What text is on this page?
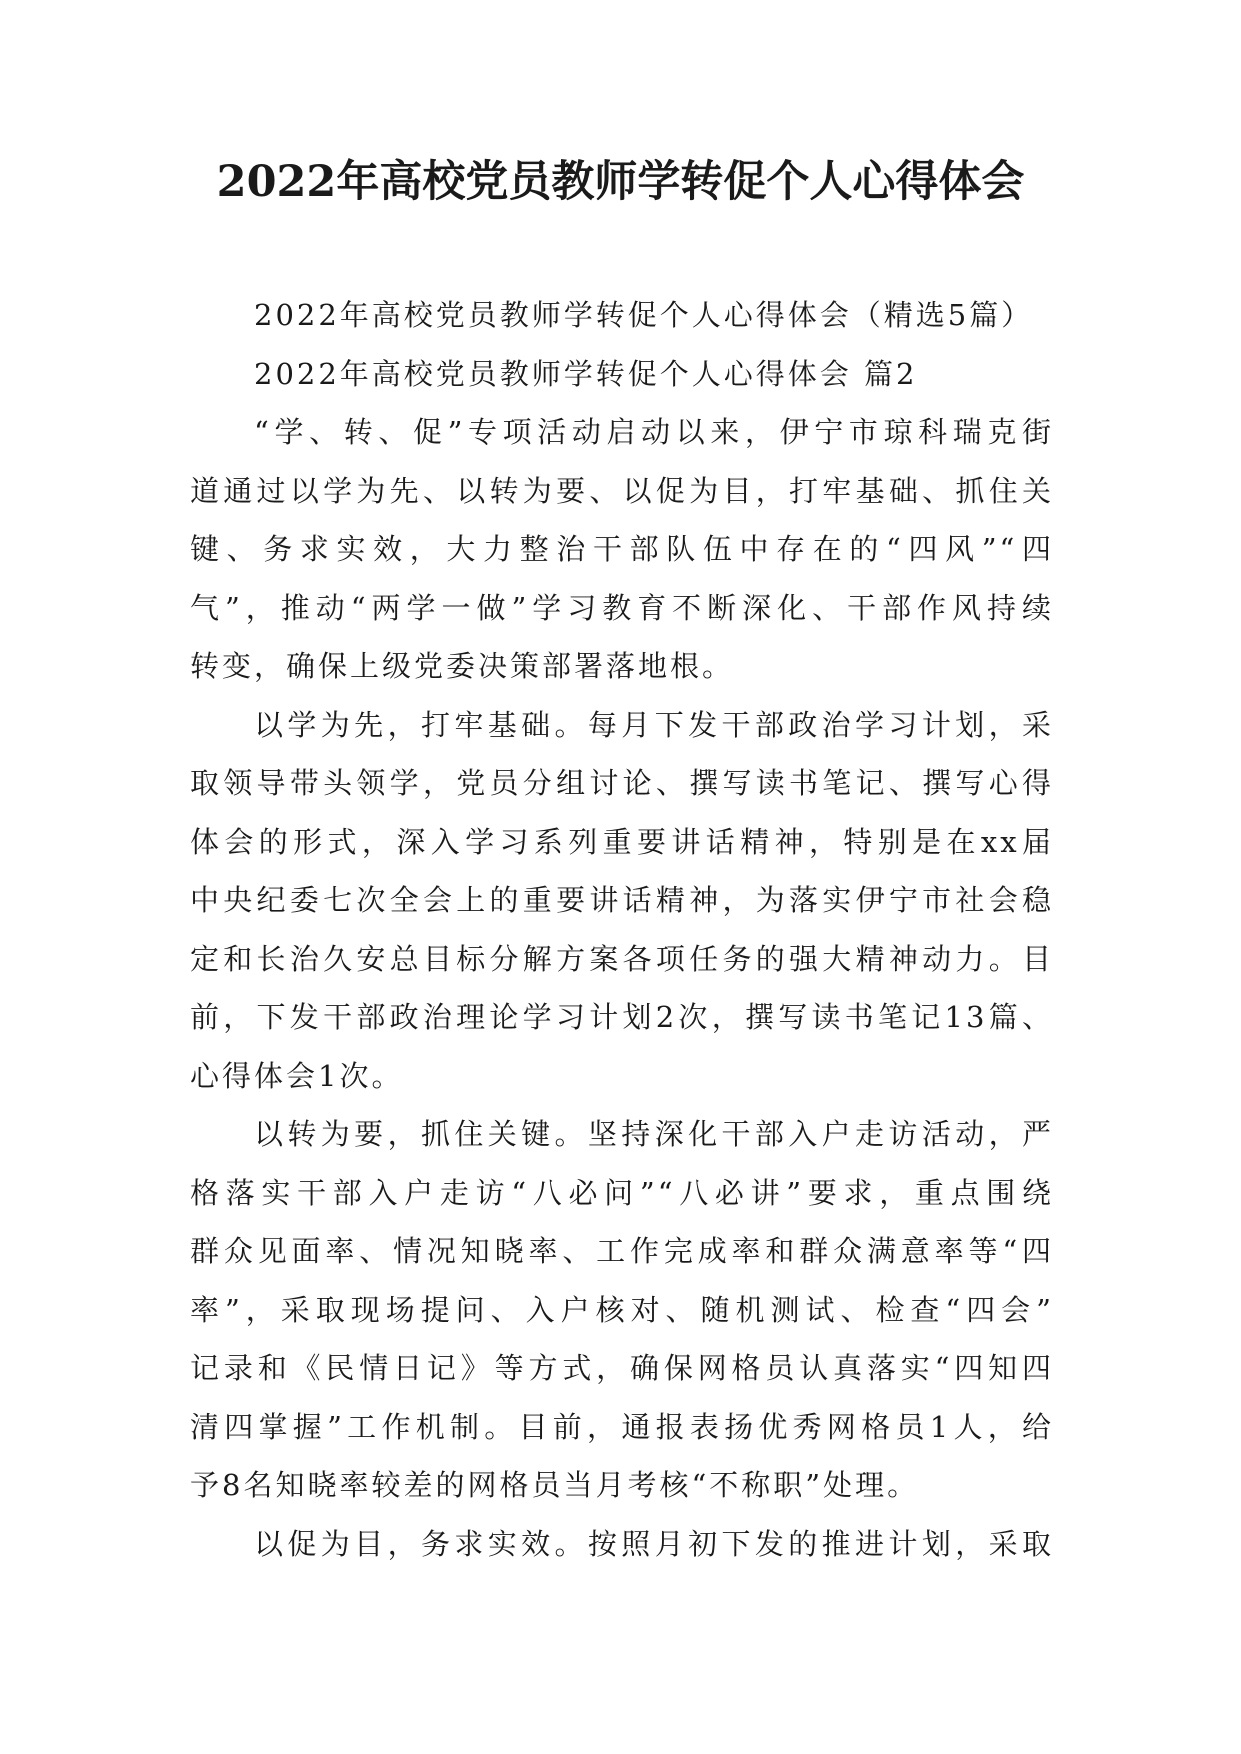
2022年高校党员教师学转促个人心得体会
2022年高校党员教师学转促个人心得体会（精选5篇）
2022年高校党员教师学转促个人心得体会 篇2
“学、转、促”专项活动启动以来，伊宁市琼科瑞克街
道通过以学为先、以转为要、以促为目，打牢基础、抓住关
键、务求实效，大力整治干部队伍中存在的“四风”“四
气”，推动“两学一做”学习教育不断深化、干部作风持续
转变，确保上级党委决策部署落地根。
以学为先，打牢基础。每月下发干部政治学习计划，采
取领导带头领学，党员分组讨论、撰写读书笔记、撰写心得
体会的形式，深入学习系列重要讲话精神，特别是在xx届
中央纪委七次全会上的重要讲话精神，为落实伊宁市社会稳
定和长治久安总目标分解方案各项任务的强大精神动力。目
前，下发干部政治理论学习计划2次，撰写读书笔记13篇、
心得体会1次。
以转为要，抓住关键。坚持深化干部入户走访活动，严
格落实干部入户走访“八必问”“八必讲”要求，重点围绕
群众见面率、情况知晓率、工作完成率和群众满意率等“四
率”，采取现场提问、入户核对、随机测试、检查“四会”
记录和《民情日记》等方式，确保网格员认真落实“四知四
清四掌握”工作机制。目前，通报表扬优秀网格员1人，给
予8名知晓率较差的网格员当月考核“不称职”处理。
以促为目，务求实效。按照月初下发的推进计划，采取
